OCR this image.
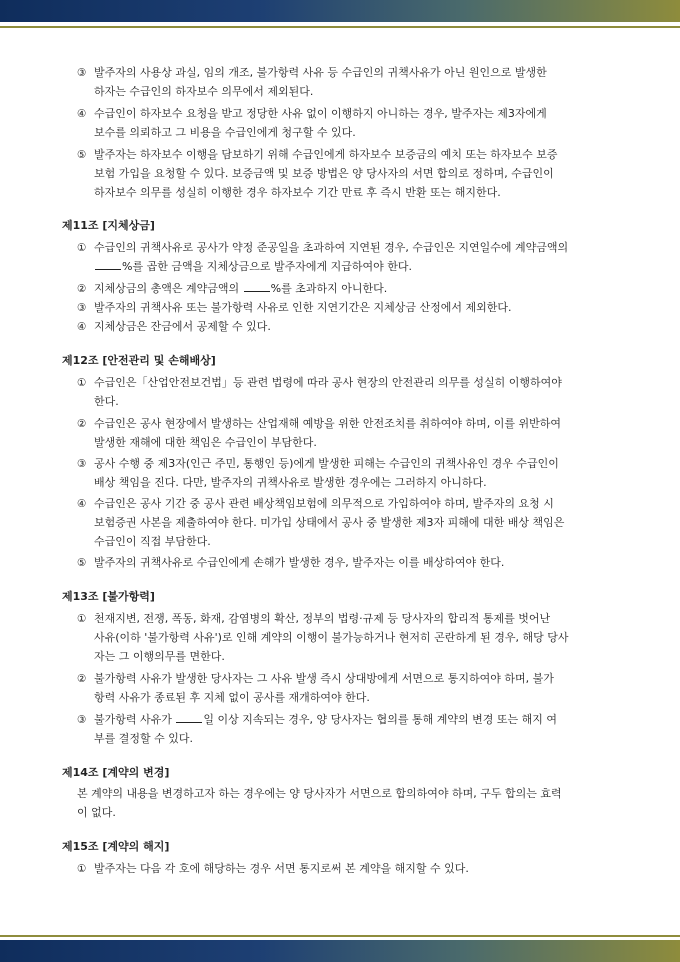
③ 발주자의 사용상 과실, 임의 개조, 불가항력 사유 등 수급인의 귀책사유가 아닌 원인으로 발생한
하자는 수급인의 하자보수 의무에서 제외된다.
④ 수급인이 하자보수 요청을 받고 정당한 사유 없이 이행하지 아니하는 경우, 발주자는 제3자에게
보수를 의뢰하고 그 비용을 수급인에게 청구할 수 있다.
⑤ 발주자는 하자보수 이행을 담보하기 위해 수급인에게 하자보수 보증금의 예치 또는 하자보수 보증
보험 가입을 요청할 수 있다. 보증금액 및 보증 방법은 양 당사자의 서면 합의로 정하며, 수급인이
하자보수 의무를 성실히 이행한 경우 하자보수 기간 만료 후 즉시 반환 또는 해지한다.
제11조 [지체상금]
① 수급인의 귀책사유로 공사가 약정 준공일을 초과하여 지연된 경우, 수급인은 지연일수에 계약금액의
%를 곱한 금액을 지체상금으로 발주자에게 지급하여야 한다.
② 지체상금의 총액은 계약금액의	%를 초과하지 아니한다.
③ 발주자의 귀책사유 또는 불가항력 사유로 인한 지연기간은 지체상금 산정에서 제외한다.
④ 지체상금은 잔금에서 공제할 수 있다.
제12조 [안전관리 및 손해배상]
① 수급인은「산업안전보건법」등 관련 법령에 따라 공사 현장의 안전관리 의무를 성실히 이행하여야
한다.
② 수급인은 공사 현장에서 발생하는 산업재해 예방을 위한 안전조치를 취하여야 하며, 이를 위반하여
발생한 재해에 대한 책임은 수급인이 부담한다.
③ 공사 수행 중 제3자(인근 주민, 통행인 등)에게 발생한 피해는 수급인의 귀책사유인 경우 수급인이
배상 책임을 진다. 다만, 발주자의 귀책사유로 발생한 경우에는 그러하지 아니하다.
④ 수급인은 공사 기간 중 공사 관련 배상책임보험에 의무적으로 가입하여야 하며, 발주자의 요청 시
보험증권 사본을 제출하여야 한다. 미가입 상태에서 공사 중 발생한 제3자 피해에 대한 배상 책임은
수급인이 직접 부담한다.
⑤ 발주자의 귀책사유로 수급인에게 손해가 발생한 경우, 발주자는 이를 배상하여야 한다.
제13조 [불가항력]
① 천재지변, 전쟁, 폭동, 화재, 감염병의 확산, 정부의 법령·규제 등 당사자의 합리적 통제를 벗어난
사유(이하 '불가항력 사유')로 인해 계약의 이행이 불가능하거나 현저히 곤란하게 된 경우, 해당 당사
자는 그 이행의무를 면한다.
② 불가항력 사유가 발생한 당사자는 그 사유 발생 즉시 상대방에게 서면으로 통지하여야 하며, 불가
항력 사유가 종료된 후 지체 없이 공사를 재개하여야 한다.
③ 불가항력 사유가	일 이상 지속되는 경우, 양 당사자는 협의를 통해 계약의 변경 또는 해지 여
부를 결정할 수 있다.
제14조 [계약의 변경]
본 계약의 내용을 변경하고자 하는 경우에는 양 당사자가 서면으로 합의하여야 하며, 구두 합의는 효력
이 없다.
제15조 [계약의 해지]
① 발주자는 다음 각 호에 해당하는 경우 서면 통지로써 본 계약을 해지할 수 있다.
